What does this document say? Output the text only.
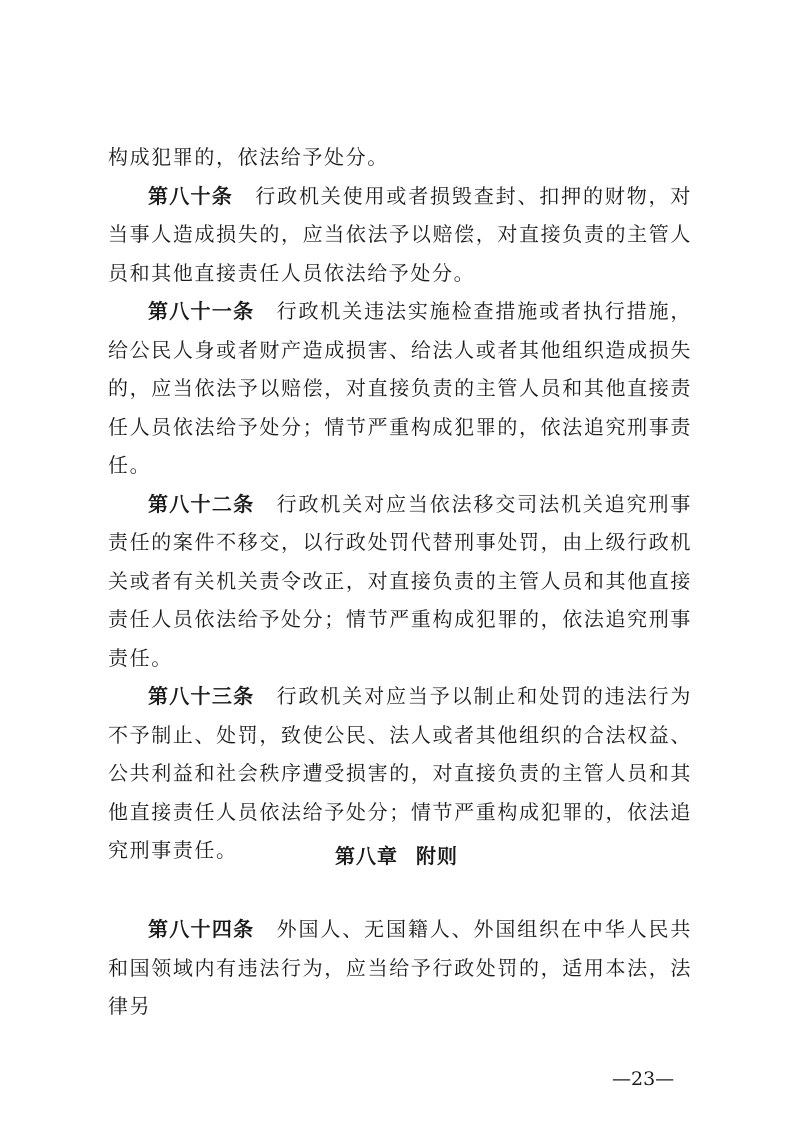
构成犯罪的，依法给予处分。

第八十条 行政机关使用或者损毁查封、扣押的财物，对当事人造成损失的，应当依法予以赔偿，对直接负责的主管人员和其他直接责任人员依法给予处分。

第八十一条 行政机关违法实施检查措施或者执行措施，给公民人身或者财产造成损害、给法人或者其他组织造成损失的，应当依法予以赔偿，对直接负责的主管人员和其他直接责任人员依法给予处分；情节严重构成犯罪的，依法追究刑事责任。

第八十二条 行政机关对应当依法移交司法机关追究刑事责任的案件不移交，以行政处罚代替刑事处罚，由上级行政机关或者有关机关责令改正，对直接负责的主管人员和其他直接责任人员依法给予处分；情节严重构成犯罪的，依法追究刑事责任。

第八十三条 行政机关对应当予以制止和处罚的违法行为不予制止、处罚，致使公民、法人或者其他组织的合法权益、公共利益和社会秩序遭受损害的，对直接负责的主管人员和其他直接责任人员依法给予处分；情节严重构成犯罪的，依法追究刑事责任。	第八章 附则

第八十四条 外国人、无国籍人、外国组织在中华人民共和国领域内有违法行为，应当给予行政处罚的，适用本法，法律另

—23—
